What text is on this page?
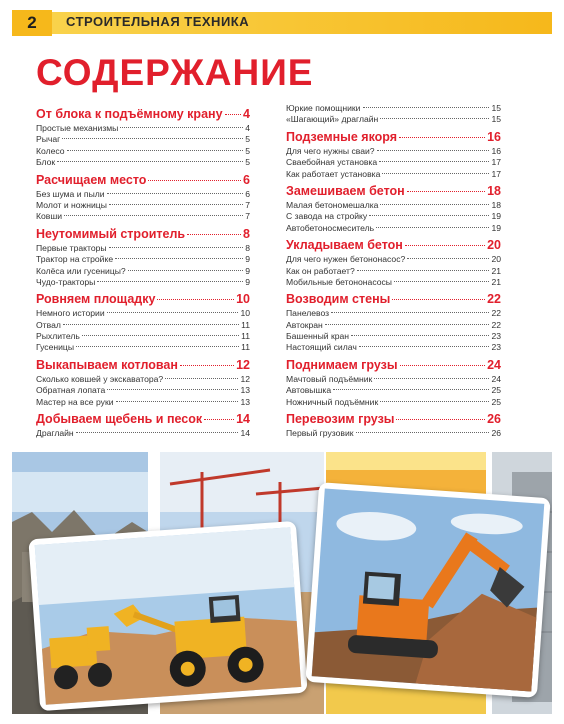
2	СТРОИТЕЛЬНАЯ ТЕХНИКА
СОДЕРЖАНИЕ
От блока к подъёмному крану 4
Простые механизмы	4
Рычаг	5
Колесо	5
Блок	5
Расчищаем место	6
Без шума и пыли	6
Молот и ножницы	7
Ковши	7
Неутомимый строитель	8
Первые тракторы	8
Трактор на стройке	9
Колёса или гусеницы?	9
Чудо-тракторы	9
Ровняем площадку	10
Немного истории	10
Отвал	11
Рыхлитель	11
Гусеницы	11
Выкапываем котлован	12
Сколько ковшей у экскаватора?	12
Обратная лопата	13
Мастер на все руки	13
Добываем щебень и песок	14
Драглайн	14
Юркие помощники	15
«Шагающий» драглайн	15
Подземные якоря	16
Для чего нужны сваи?	16
Сваебойная установка	17
Как работает установка	17
Замешиваем бетон	18
Малая бетономешалка	18
С завода на стройку	19
Автобетоносмеситель	19
Укладываем бетон	20
Для чего нужен бетононасос?	20
Как он работает?	21
Мобильные бетононасосы	21
Возводим стены	22
Панелевоз	22
Автокран	22
Башенный кран	23
Настоящий силач	23
Поднимаем грузы	24
Мачтовый подъёмник	24
Автовышка	25
Ножничный подъёмник	25
Перевозим грузы	26
Первый грузовик	26
